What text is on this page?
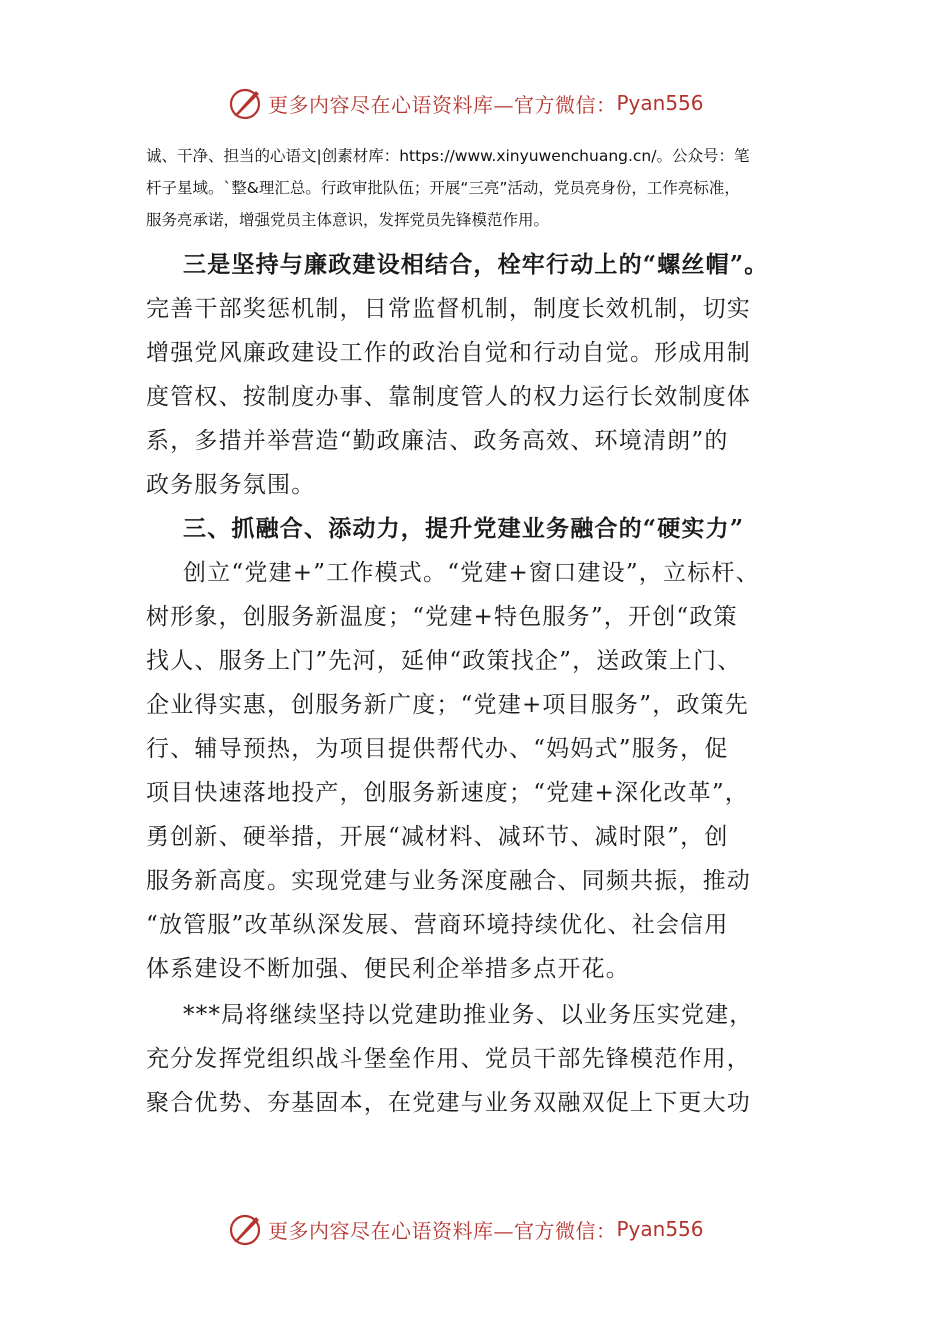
更多内容尽在心语资料库—官方微信： Pyan556
诚、干净、担当的心语文|创素材库：https://www.xinyuwenchuang.cn/。公众号：笔
杆子星域。`整&理汇总。行政审批队伍；开展“三亮”活动，党员亮身份，工作亮标准，
服务亮承诺，增强党员主体意识，发挥党员先锋模范作用。
三是坚持与廉政建设相结合，栓牢行动上的“螺丝帽”。
完善干部奖惩机制，日常监督机制，制度长效机制，切实
增强党风廉政建设工作的政治自觉和行动自觉。形成用制
度管权、按制度办事、靠制度管人的权力运行长效制度体
系，多措并举营造“勤政廉洁、政务高效、环境清朗”的
政务服务氛围。
三、抓融合、添动力，提升党建业务融合的“硬实力”
创立“党建+”工作模式。“党建+窗口建设”，立标杆、
树形象，创服务新温度；“党建+特色服务”，开创“政策
找人、服务上门”先河，延伸“政策找企”，送政策上门、
企业得实惠，创服务新广度；“党建+项目服务”，政策先
行、辅导预热，为项目提供帮代办、“妈妈式”服务，促
项目快速落地投产，创服务新速度；“党建+深化改革”，
勇创新、硬举措，开展“减材料、减环节、减时限”，创
服务新高度。实现党建与业务深度融合、同频共振，推动
“放管服”改革纵深发展、营商环境持续优化、社会信用
体系建设不断加强、便民利企举措多点开花。
***局将继续坚持以党建助推业务、以业务压实党建，
充分发挥党组织战斗堡垒作用、党员干部先锋模范作用，
聚合优势、夯基固本，在党建与业务双融双促上下更大功
更多内容尽在心语资料库—官方微信： Pyan556
